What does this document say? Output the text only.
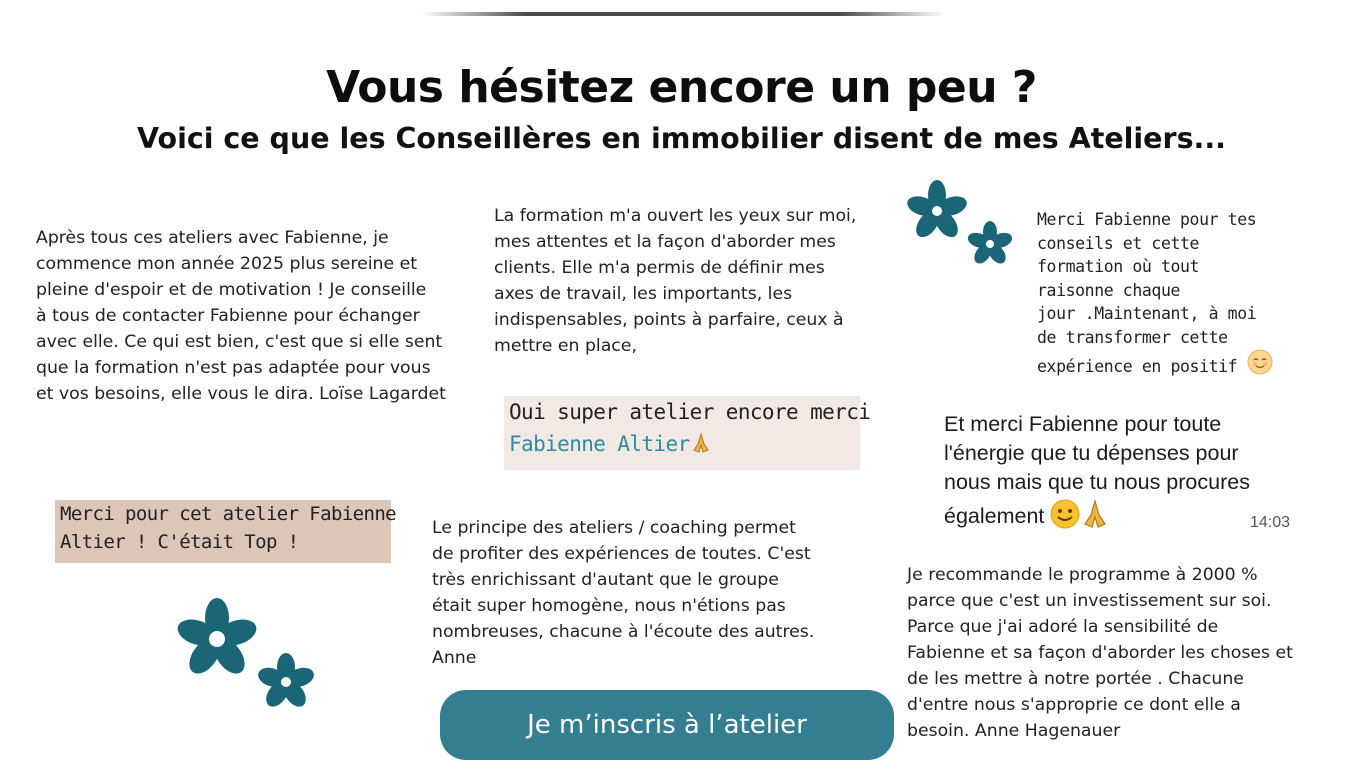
Vous hésitez encore un peu ?
Voici ce que les Conseillères en immobilier disent de mes Ateliers...
Après tous ces ateliers avec Fabienne, je
commence mon année 2025 plus sereine et
pleine d'espoir et de motivation ! Je conseille
à tous de contacter Fabienne pour échanger
avec elle. Ce qui est bien, c'est que si elle sent
que la formation n'est pas adaptée pour vous
et vos besoins, elle vous le dira. Loïse Lagardet
La formation m'a ouvert les yeux sur moi,
mes attentes et la façon d'aborder mes
clients. Elle m'a permis de définir mes
axes de travail, les importants, les
indispensables, points à parfaire, ceux à
mettre en place,
Oui super atelier encore merci
Fabienne Altier
Merci pour cet atelier Fabienne
Altier ! C'était Top !
Le principe des ateliers / coaching permet
de profiter des expériences de toutes. C'est
très enrichissant d'autant que le groupe
était super homogène, nous n'étions pas
nombreuses, chacune à l'écoute des autres.
Anne
Merci Fabienne pour tes
conseils et cette
formation où tout
raisonne chaque
jour .Maintenant, à moi
de transformer cette
expérience en positif
Et merci Fabienne pour toute
l'énergie que tu dépenses pour
nous mais que tu nous procures
également	14:03
Je recommande le programme à 2000 %
parce que c'est un investissement sur soi.
Parce que j'ai adoré la sensibilité de
Fabienne et sa façon d'aborder les choses et
de les mettre à notre portée . Chacune
d'entre nous s'approprie ce dont elle a
besoin. Anne Hagenauer
Je m’inscris à l’atelier
